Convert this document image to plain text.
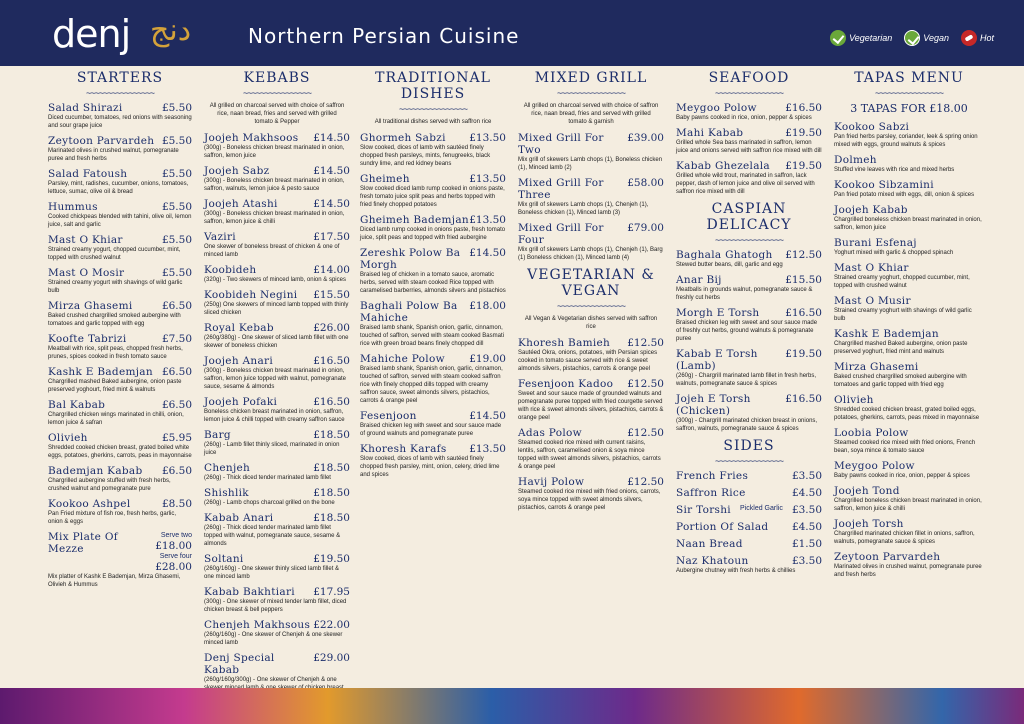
denj دنج	Northern Persian Cuisine	Vegetarian	Vegan	Hot
STARTERS
~~~~~~~~~~~~~~~~
Salad Shirazi	£5.50
Diced cucumber, tomatoes, red onions with seasoning and sour grape juice
Zeytoon Parvardeh £5.50
Marinated olives in crushed walnut, pomegranate puree and fresh herbs
Salad Fatoush	£5.50
Parsley, mint, radishes, cucumber, onions, tomatoes, lettuce, sumac, olive oil & bread
Hummus	£5.50
Cooked chickpeas blended with tahini, olive oil, lemon juice, salt and garlic
Mast O Khiar	£5.50
Strained creamy yogurt, chopped cucumber, mint, topped with crushed walnut
Mast O Mosir	£5.50
Strained creamy yogurt with shavings of wild garlic bulb
Mirza Ghasemi	£6.50
Baked crushed chargrilled smoked aubergine with tomatoes and garlic topped with egg
Kooftе Tabrizi	£7.50
Meatball with rice, split peas, chopped fresh herbs, prunes, spices cooked in fresh tomato sauce
Kashk E Bademjan £6.50
Chargrilled mashed Baked aubergine, onion paste preserved yoghourt, fried mint & walnuts
Bal Kabab	£6.50
Chargrilled chicken wings marinated in chilli, onion, lemon juice & safran
Olivieh	£5.95
Shredded cooked chicken breast, grated boiled white eggs, potatoes, gherkins, carrots, peas in mayonnaise
Bademjan Kabab £6.50
Chargrilled aubergine stuffed with fresh herbs, crushed walnut and pomegranate pure
Kookoo Ashpel	£8.50
Pan Fried mixture of fish roe, fresh herbs, garlic, onion & eggs
Mix Plate Of Mezze
Serve two £18.00
Serve four £28.00
Mix platter of Kashk E Bademjan, Mirza Ghasemi, Olivieh & Hummus
KEBABS
~~~~~~~~~~~~~~~~
All grilled on charcoal served with choice of saffron rice, naan bread, fries and served with grilled tomato & Pepper
Joojeh Makhsoos £14.50
(300g) - Boneless chicken breast marinated in onion, saffron, lemon juice
Joojeh Sabz	£14.50
(300g) - Boneless chicken breast marinated in onion, saffron, walnuts, lemon juice & pesto sauce
Joojeh Atashi	£14.50
(300g) - Boneless chicken breast marinated in onion, saffron, lemon juice & chilli
Vaziri	£17.50
One skewer of boneless breast of chicken & one of minced lamb
Koobideh	£14.00
(320g) - Two skewers of minced lamb, onion & spices
Koobideh Negini £15.50
(250g) One skewers of minced lamb topped with thinly sliced chicken
Royal Kebab	£26.00
(260g/380g) - One skewer of sliced lamb fillet with one skewer of boneless chicken
Joojeh Anari	£16.50
(300g) - Boneless chicken breast marinated in onion, saffron, lemon juice topped with walnut, pomegranate sauce, sesame & almonds
Joojeh Pofaki	£16.50
Boneless chicken breast marinated in onion, saffron, lemon juice & chilli topped with creamy saffron sauce
Barg	£18.50
(260g) - Lamb fillet thinly sliced, marinated in onion juice
Chenjeh	£18.50
(260g) - Thick diced tender marinated lamb fillet
Shishlik	£18.50
(260g) - Lamb chops charcoal grilled on the bone
Kabab Anari	£18.50
(260g) - Thick diced tender marinated lamb fillet topped with walnut, pomegranate sauce, sesame & almonds
Soltani	£19.50
(260g/160g) - One skewer thinly sliced lamb fillet & one minced lamb
Kabab Bakhtiari £17.95
(300g) - One skewer of mixed tender lamb fillet, diced chicken breast & bell peppers
Chenjeh Makhsous £22.00
(260g/160g) - One skewer of Chenjeh & one skewer minced lamb
Denj Special Kabab
£29.00
(260g/160g/300g) - One skewer of Chenjeh & one
TRADITIONAL DISHES
~~~~~~~~~~~~~~~~
All traditional dishes served with saffron rice
Ghormeh Sabzi £13.50
Slow cooked, dices of lamb with sautéed finely chopped fresh parsleys, mints, fenugreeks, black sundry lime, and red kidney beans
Gheimeh	£13.50
Slow cooked diced lamb rump cooked in onions paste, fresh tomato juice split peas and herbs topped with fried finely chopped potatoes
Gheimeh Bademjan £13.50
Diced lamb rump cooked in onions paste, fresh tomato juice, split peas and topped with fried aubergine
Zereshk Polow Ba Morgh
£14.50
Braised leg of chicken in a tomato sauce, aromatic herbs, served with steam cooked Rice topped with caramelised barberries, almonds silvers and pistachios
Baghali Polow Ba Mahiche
£18.00
Braised lamb shank, Spanish onion, garlic, cinnamon, touched of saffron, served with steam cooked Basmati rice with green broad beans finely chopped dill
Mahiche Polow £19.00
Braised lamb shank, Spanish onion, garlic, cinnamon, touched of saffron, served with steam cooked saffron rice with finely chopped dills topped with creamy saffron sauce, sweet almonds silvers, pistachios, carrots & orange peel
Fesenjoon	£14.50
Braised chicken leg with sweet and sour sauce made of ground walnuts and pomegranate puree
Khoresh Karafs £13.50
Slow cooked, dices of lamb with sautéed finely chopped fresh parsley, mint, onion, celery, dried lime and spices
MIXED GRILL
~~~~~~~~~~~~~~~~
All grilled on charcoal served with choice of saffron rice, naan bread, fries and served with grilled tomato & garnish
Mixed Grill For Two
£39.00
Mix grill of skewers Lamb chops (1), Boneless chicken (1), Minced lamb (2)
Mixed Grill For Three
£58.00
Mix grill of skewers Lamb chops (1), Chenjeh (1), Boneless chicken (1), Minced lamb (3)
Mixed Grill For Four
£79.00
Mix grill of skewers Lamb chops (1), Chenjeh (1), Barg (1) Boneless chicken (1), Minced lamb (4)
VEGETARIAN & VEGAN
~~~~~~~~~~~~~~~~
All Vegan & Vegetarian dishes served with saffron rice
Khoresh Bamieh £12.50
Sautéed Okra, onions, potatoes, with Persian spices cooked in tomato sauce served with rice & sweet almonds silvers, pistachios, carrots & orange peel
Fesenjoon Kadoo £12.50
Sweet and sour sauce made of grounded walnuts and pomegranate puree topped with fried courgette served with rice & sweet almonds silvers, pistachios, carrots & orange peel
Adas Polow	£12.50
Steamed cooked rice mixed with current raisins, lentils, saffron, caramelised onion & soya mince topped with sweet almonds silvers, pistachios, carrots & orange peel
Havij Polow	£12.50
Steamed cooked rice mixed with fried onions, carrots, soya mince topped with sweet almonds silvers, pistachios, carrots & orange peel
SEAFOOD
~~~~~~~~~~~~~~~~
Meygoo Polow	£16.50
Baby pawns cooked in rice, onion, pepper & spices
Mahi Kabab	£19.50
Grilled whole Sea bass marinated in saffron, lemon juice and onions served with saffron rice mixed with dill
Kabab Ghezelala £19.50
Grilled whole wild trout, marinated in saffron, lack pepper, dash of lemon juice and olive oil served with saffron rice mixed with dill
CASPIAN DELICACY
~~~~~~~~~~~~~~~~
Baghala Ghatogh £12.50
Stewed butter beans, dill, garlic and egg
Anar Bij	£15.50
Meatballs in grounds walnut, pomegranate sauce & freshly cut herbs
Morgh E Torsh £16.50
Braised chicken leg with sweet and sour sauce made of freshly cut herbs, ground walnuts & pomegranate puree
Kabab E Torsh (Lamb)
£19.50
(260g) - Chargrill marinated lamb fillet in fresh herbs, walnuts, pomegranate sauce & spices
Jojeh E Torsh (Chicken)
£16.50
(300g) - Chargrill marinated chicken breast in onions, saffron, walnuts, pomegranate sauce & spices
SIDES
~~~~~~~~~~~~~~~~
French Fries	£3.50
Saffron Rice	£4.50
Sir Torshi Pickled Garlic £3.50
Portion Of Salad £4.50
Naan Bread	£1.50
Naz Khatoun	£3.50
Aubergine chutney with fresh herbs & chillies
TAPAS MENU
~~~~~~~~~~~~~~~~
3 TAPAS FOR £18.00
Kookoo Sabzi
Pan fried herbs parsley, coriander, leek & spring onion mixed with eggs, ground walnuts & spices
Dolmeh
Stuffed vine leaves with rice and mixed herbs
Kookoo Sibzamini
Pan fried potato mixed with eggs, dill, onion & spices
Joojeh Kabab
Chargrilled boneless chicken breast marinated in onion, saffron, lemon juice
Burani Esfenaj
Yoghurt mixed with garlic & chopped spinach
Mast O Khiar
Strained creamy yoghurt, chopped cucumber, mint, topped with crushed walnut
Mast O Musir
Strained creamy yoghurt with shavings of wild garlic bulb
Kashk E Bademjan
Chargrilled mashed Baked aubergine, onion paste preserved yoghurt, fried mint and walnuts
Mirza Ghasemi
Baked crushed chargrilled smoked aubergine with tomatoes and garlic topped with fried egg
Olivieh
Shredded cooked chicken breast, grated boiled eggs, potatoes, gherkins, carrots, peas mixed in mayonnaise
Loobia Polow
Steamed cooked rice mixed with fried onions, French bean, soya mince & tomato sauce
Meygoo Polow
Baby pawns cooked in rice, onion, pepper & spices
Joojeh Tond
Chargrilled boneless chicken breast marinated in onion, saffron, lemon juice & chilli
Joojeh Torsh
Chargrilled marinated chicken fillet in onions, saffron, walnuts, pomegranate sauce & spices
Zeytoon Parvardeh
Marinated olives in crushed walnut, pomegranate puree and fresh herbs
